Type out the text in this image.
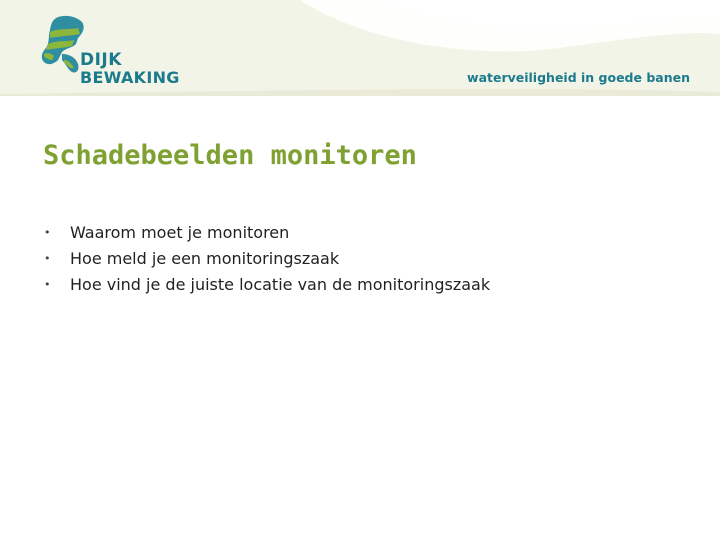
DIJK
BEWAKING	waterveiligheid in goede banen
Schadebeelden monitoren
• Waarom moet je monitoren
• Hoe meld je een monitoringszaak
• Hoe vind je de juiste locatie van de monitoringszaak
